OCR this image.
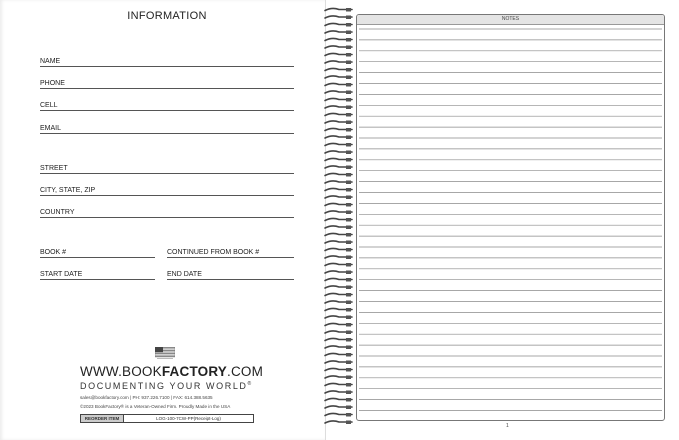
INFORMATION
NAME
PHONE
CELL
EMAIL
STREET
CITY, STATE, ZIP
COUNTRY
BOOK #	CONTINUED FROM BOOK #
START DATE	END DATE
WWW.BOOKFACTORY.COM
DOCUMENTING YOUR WORLD®
sales@bookfactory.com | PH: 937.226.7100 | FAX: 614.388.5635
©2023 BookFactory® is a Veteran-Owned Firm. Proudly Made in the USA
REORDER ITEM	LOG-100-7CW-PP(Receipt-Log)
NOTES
1
